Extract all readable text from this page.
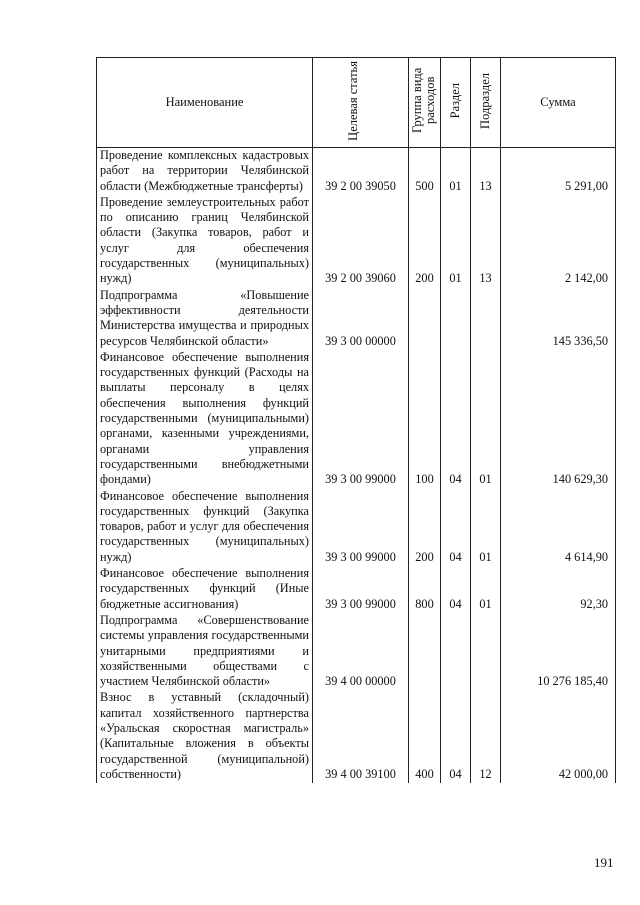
Наименование	Целевая статья	Группа вида расходов	Раздел	Подраздел	Сумма
Проведение комплексных кадастровых работ на территории Челябинской области (Межбюджетные трансферты)	39 2 00 39050	500	01	13	5 291,00
Проведение землеустроительных работ по описанию границ Челябинской области (Закупка товаров, работ и услуг для обеспечения государственных (муниципальных) нужд)	39 2 00 39060	200	01	13	2 142,00
Подпрограмма «Повышение эффективности деятельности Министерства имущества и природных ресурсов Челябинской области»	39 3 00 00000				145 336,50
Финансовое обеспечение выполнения государственных функций (Расходы на выплаты персоналу в целях обеспечения выполнения функций государственными (муниципальными) органами, казенными учреждениями, органами управления государственными внебюджетными фондами)	39 3 00 99000	100	04	01	140 629,30
Финансовое обеспечение выполнения государственных функций (Закупка товаров, работ и услуг для обеспечения государственных (муниципальных) нужд)	39 3 00 99000	200	04	01	4 614,90
Финансовое обеспечение выполнения государственных функций (Иные бюджетные ассигнования)	39 3 00 99000	800	04	01	92,30
Подпрограмма «Совершенствование системы управления государственными унитарными предприятиями и хозяйственными обществами с участием Челябинской области»	39 4 00 00000				10 276 185,40
Взнос в уставный (складочный) капитал хозяйственного партнерства «Уральская скоростная магистраль» (Капитальные вложения в объекты государственной (муниципальной) собственности)	39 4 00 39100	400	04	12	42 000,00
191
